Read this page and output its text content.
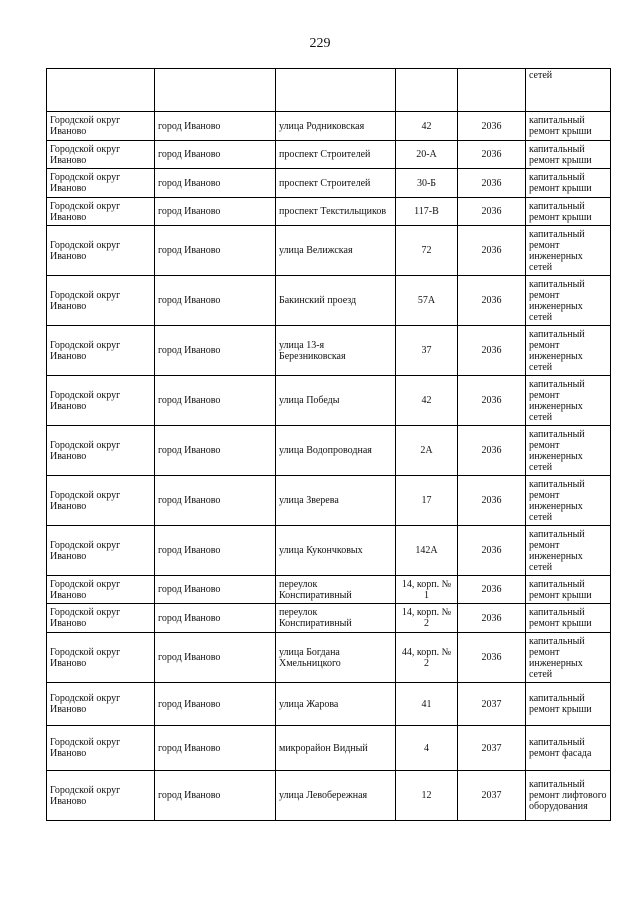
229
					сетей
Городской округ Иваново	город Иваново	улица Родниковская	42	2036	капитальный ремонт крыши
Городской округ Иваново	город Иваново	проспект Строителей	20-А	2036	капитальный ремонт крыши
Городской округ Иваново	город Иваново	проспект Строителей	30-Б	2036	капитальный ремонт крыши
Городской округ Иваново	город Иваново	проспект Текстильщиков	117-В	2036	капитальный ремонт крыши
Городской округ Иваново	город Иваново	улица Велижская	72	2036	капитальный ремонт инженерных сетей
Городской округ Иваново	город Иваново	Бакинский проезд	57А	2036	капитальный ремонт инженерных сетей
Городской округ Иваново	город Иваново	улица 13-я Березниковская	37	2036	капитальный ремонт инженерных сетей
Городской округ Иваново	город Иваново	улица Победы	42	2036	капитальный ремонт инженерных сетей
Городской округ Иваново	город Иваново	улица Водопроводная	2А	2036	капитальный ремонт инженерных сетей
Городской округ Иваново	город Иваново	улица Зверева	17	2036	капитальный ремонт инженерных сетей
Городской округ Иваново	город Иваново	улица Кукончковых	142А	2036	капитальный ремонт инженерных сетей
Городской округ Иваново	город Иваново	переулок Конспиративный	14, корп. № 1	2036	капитальный ремонт крыши
Городской округ Иваново	город Иваново	переулок Конспиративный	14, корп. № 2	2036	капитальный ремонт крыши
Городской округ Иваново	город Иваново	улица Богдана Хмельницкого	44, корп. № 2	2036	капитальный ремонт инженерных сетей
Городской округ Иваново	город Иваново	улица Жарова	41	2037	капитальный ремонт крыши
Городской округ Иваново	город Иваново	микрорайон Видный	4	2037	капитальный ремонт фасада
Городской округ Иваново	город Иваново	улица Левобережная	12	2037	капитальный ремонт лифтового оборудования
